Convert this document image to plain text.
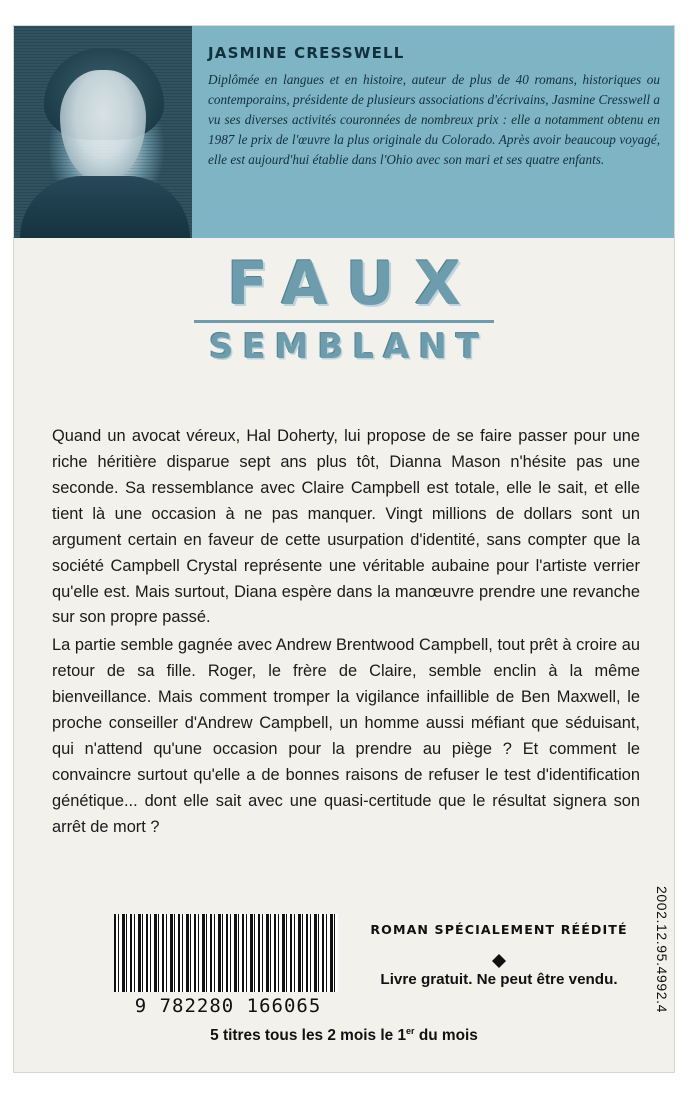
JASMINE CRESSWELL
Diplômée en langues et en histoire, auteur de plus de 40 romans, historiques ou contemporains, présidente de plusieurs associations d'écrivains, Jasmine Cresswell a vu ses diverses activités couronnées de nombreux prix : elle a notamment obtenu en 1987 le prix de l'œuvre la plus originale du Colorado. Après avoir beaucoup voyagé, elle est aujourd'hui établie dans l'Ohio avec son mari et ses quatre enfants.
FAUX
SEMBLANT

Quand un avocat véreux, Hal Doherty, lui propose de se faire passer pour une riche héritière disparue sept ans plus tôt, Dianna Mason n'hésite pas une seconde. Sa ressemblance avec Claire Campbell est totale, elle le sait, et elle tient là une occasion à ne pas manquer. Vingt millions de dollars sont un argument certain en faveur de cette usurpation d'identité, sans compter que la société Campbell Crystal représente une véritable aubaine pour l'artiste verrier qu'elle est. Mais surtout, Diana espère dans la manœuvre prendre une revanche sur son propre passé.

La partie semble gagnée avec Andrew Brentwood Campbell, tout prêt à croire au retour de sa fille. Roger, le frère de Claire, semble enclin à la même bienveillance. Mais comment tromper la vigilance infaillible de Ben Maxwell, le proche conseiller d'Andrew Campbell, un homme aussi méfiant que séduisant, qui n'attend qu'une occasion pour la prendre au piège ? Et comment le convaincre surtout qu'elle a de bonnes raisons de refuser le test d'identification génétique... dont elle sait avec une quasi-certitude que le résultat signera son arrêt de mort ?

9 782280 166065
ROMAN SPÉCIALEMENT RÉÉDITÉ
Livre gratuit. Ne peut être vendu.
5 titres tous les 2 mois le 1er du mois
2002.12.95.4992.4
